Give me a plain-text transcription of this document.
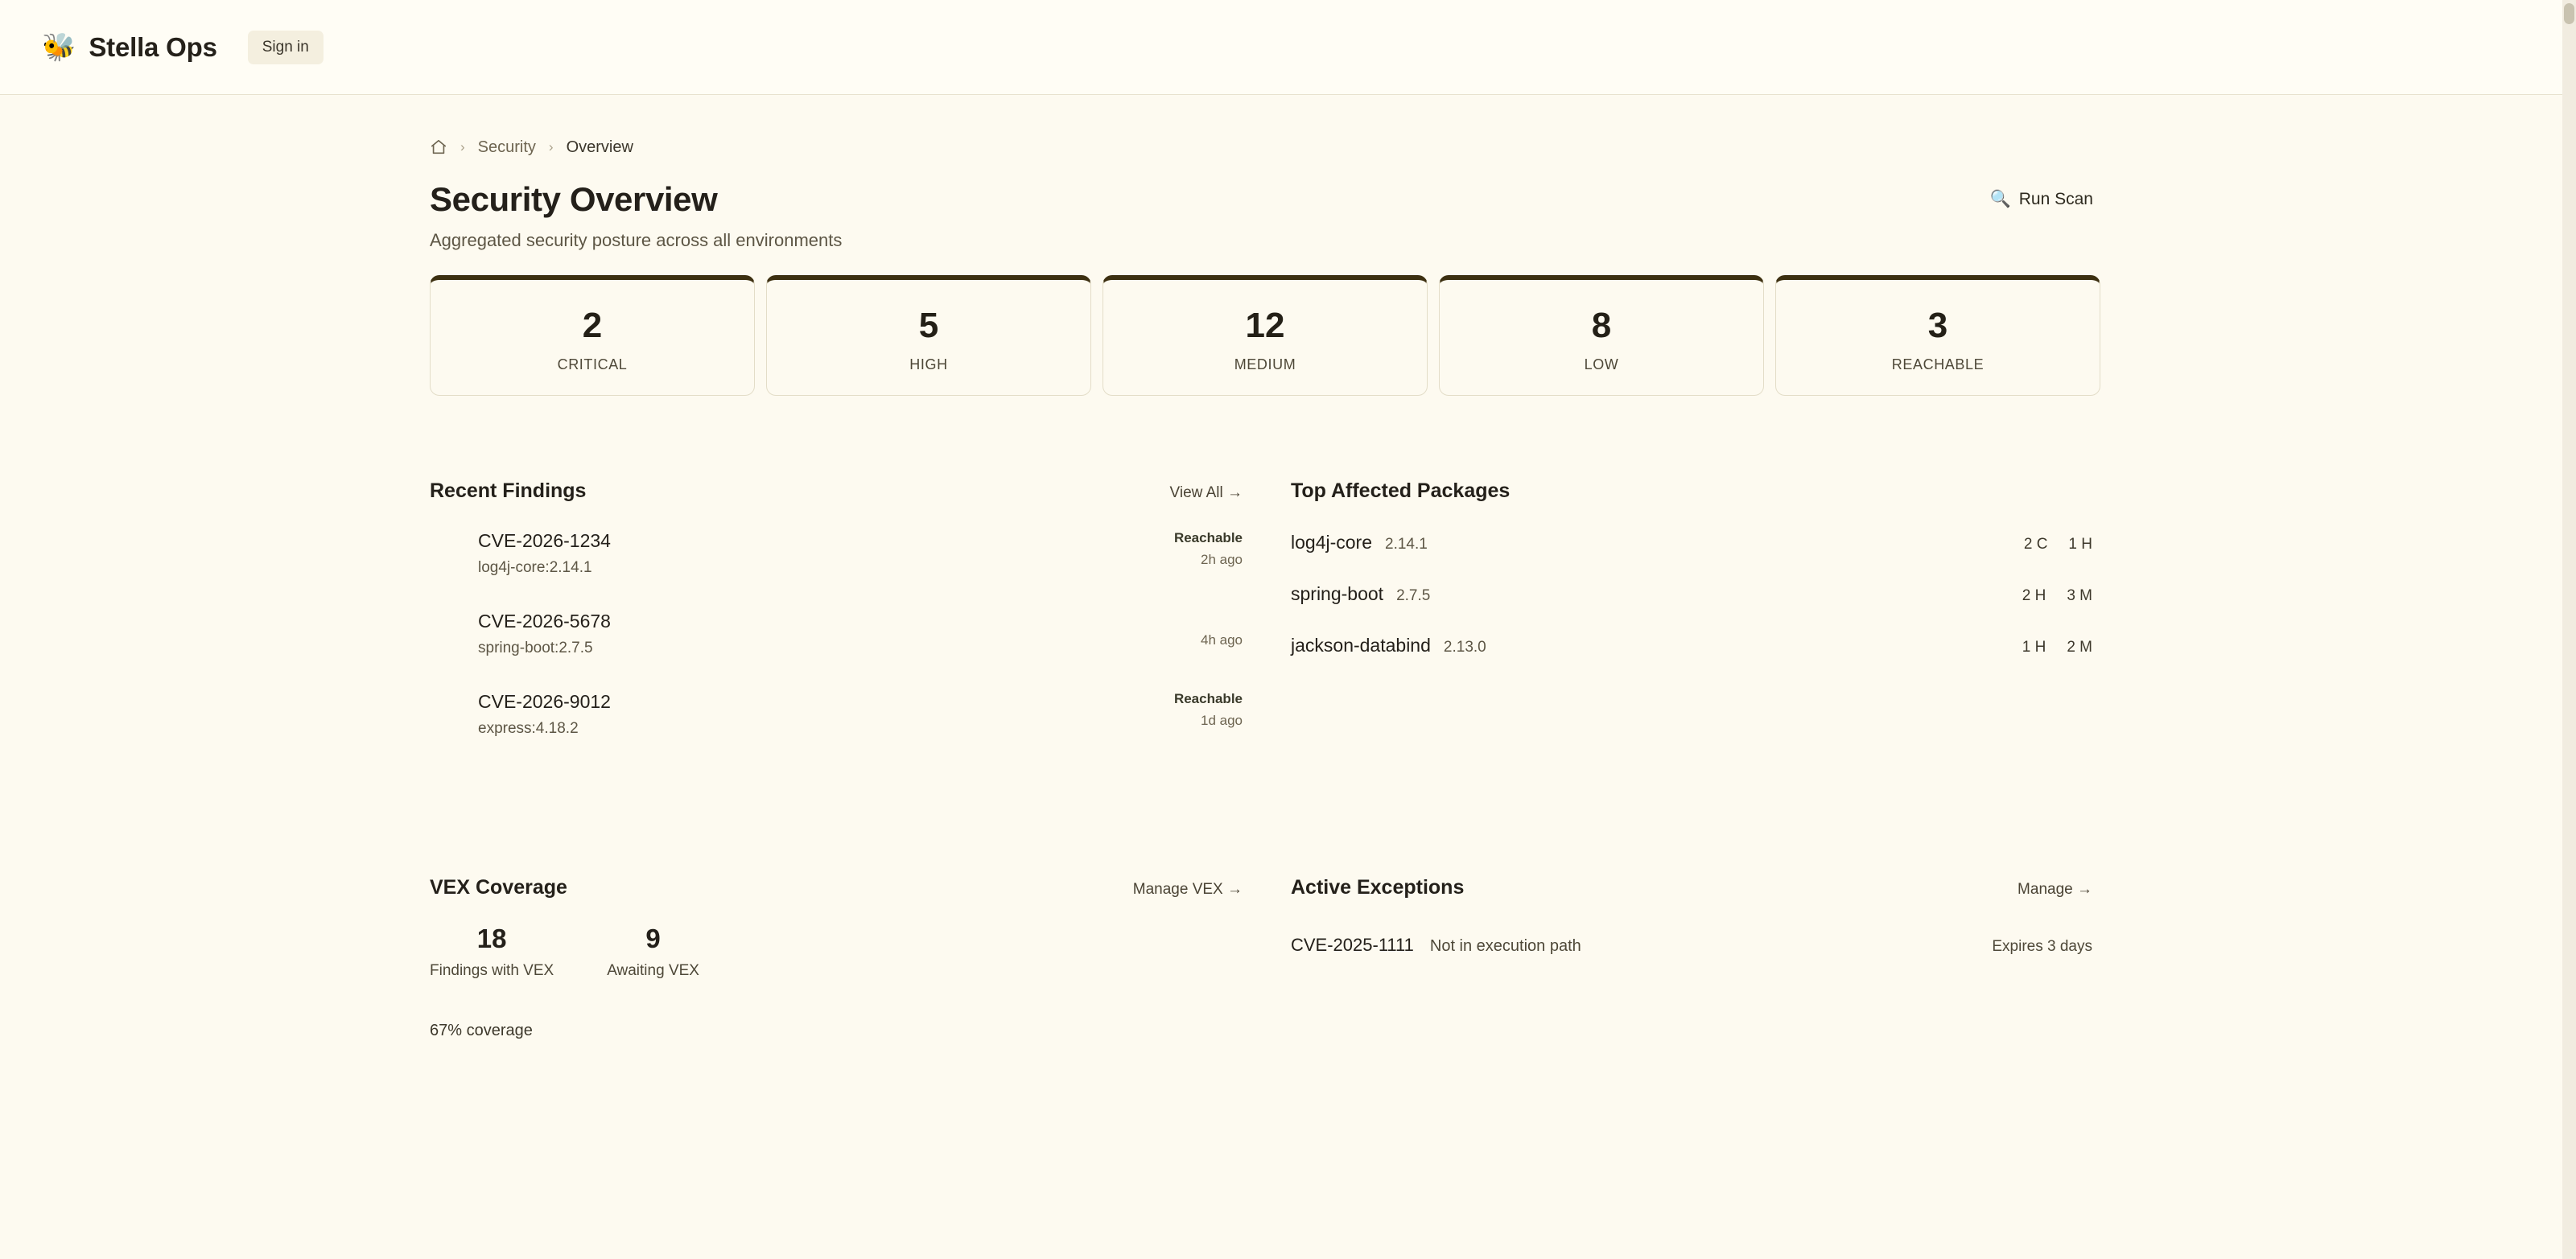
🐝 Stella Ops	Sign in
› Security › Overview
Security Overview
Aggregated security posture across all environments
🔍 Run Scan
2
CRITICAL
5
HIGH
12
MEDIUM
8
LOW
3
REACHABLE
Recent Findings	View All →
CVE-2026-1234
log4j-core:2.14.1
Reachable
2h ago
CVE-2026-5678
spring-boot:2.7.5	4h ago
CVE-2026-9012
express:4.18.2
Reachable
1d ago
Top Affected Packages
log4j-core 2.14.1	2 C 1 H
spring-boot 2.7.5	2 H 3 M
jackson-databind 2.13.0	1 H 2 M
VEX Coverage	Manage VEX →
18
Findings with VEX
9
Awaiting VEX
67% coverage
Active Exceptions	Manage →
CVE-2025-1111 Not in execution path	Expires 3 days
